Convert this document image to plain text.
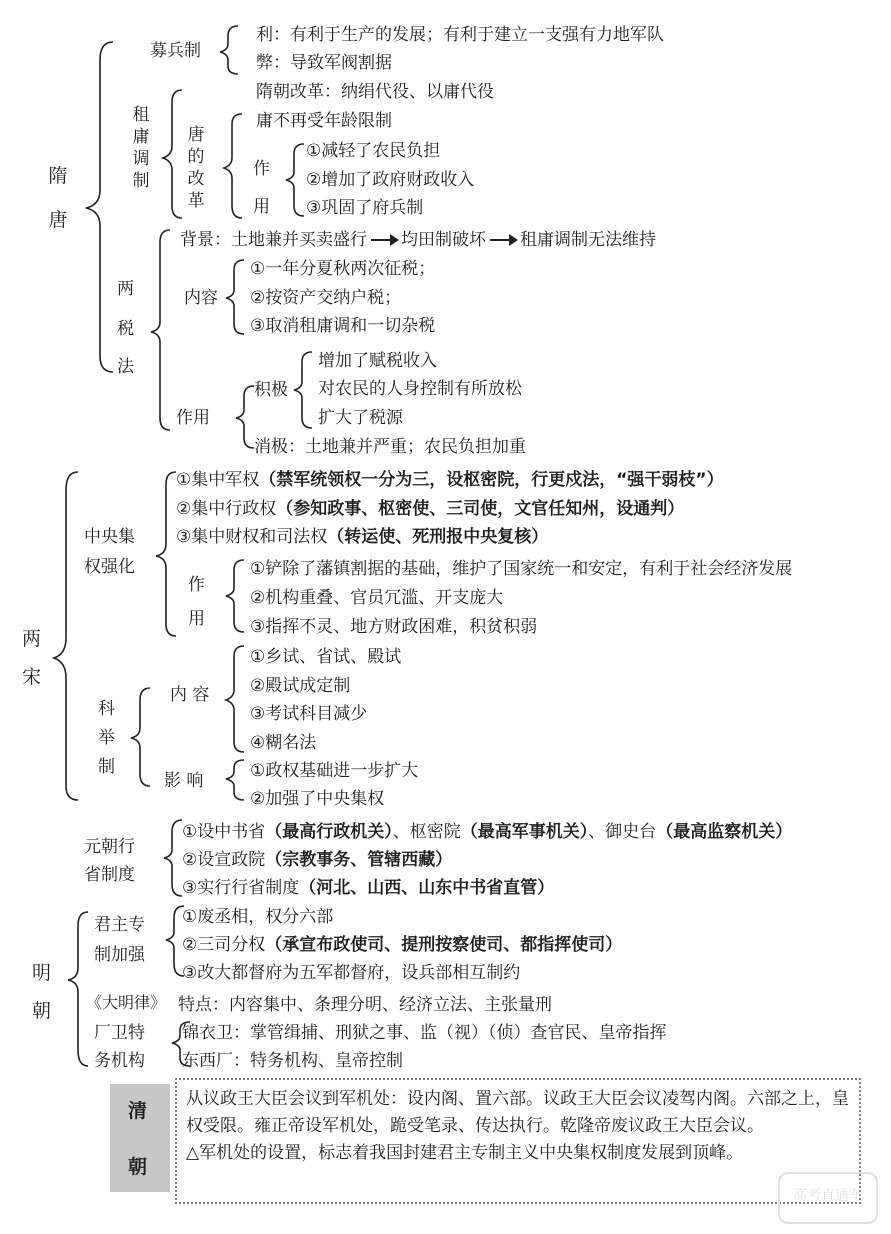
隋
唐
募兵制
利：有利于生产的发展；有利于建立一支强有力地军队
弊：导致军阀割据
租庸调制
隋朝改革：纳绢代役、以庸代役
唐的改革
庸不再受年龄限制
作
用
①减轻了农民负担
②增加了政府财政收入
③巩固了府兵制
两
税
法
背景：土地兼并买卖盛行 均田制破坏 租庸调制无法维持
内容
①一年分夏秋两次征税；
②按资产交纳户税；
③取消租庸调和一切杂税
作用
积极
增加了赋税收入
对农民的人身控制有所放松
扩大了税源
消极：土地兼并严重；农民负担加重
两
宋
中央集
权强化
①集中军权（禁军统领权一分为三，设枢密院，行更戍法，“强干弱枝”）
②集中行政权（参知政事、枢密使、三司使，文官任知州，设通判）
③集中财权和司法权（转运使、死刑报中央复核）
作
用
①铲除了藩镇割据的基础，维护了国家统一和安定，有利于社会经济发展
②机构重叠、官员冗滥、开支庞大
③指挥不灵、地方财政困难，积贫积弱
科
举
制
内 容
①乡试、省试、殿试
②殿试成定制
③考试科目减少
④糊名法
影 响	①政权基础进一步扩大
②加强了中央集权
元朝行
省制度
①设中书省（最高行政机关）、枢密院（最高军事机关）、御史台（最高监察机关）
②设宣政院（宗教事务、管辖西藏）
③实行行省制度（河北、山西、山东中书省直管）
明
朝
君主专
制加强
①废丞相，权分六部
②三司分权（承宣布政使司、提刑按察使司、都指挥使司）
③改大都督府为五军都督府，设兵部相互制约
《大明律》 特点：内容集中、条理分明、经济立法、主张量刑
厂卫特
务机构
锦衣卫：掌管缉捕、刑狱之事、监（视）（侦）查官民、皇帝指挥
东西厂：特务机构、皇帝控制
清
朝
从议政王大臣会议到军机处：设内阁、置六部。议政王大臣会议凌驾内阁。六部之上，皇权受限。雍正帝设军机处，跪受笔录、传达执行。乾隆帝废议政王大臣会议。
△军机处的设置，标志着我国封建君主专制主义中央集权制度发展到顶峰。
高考直通车
